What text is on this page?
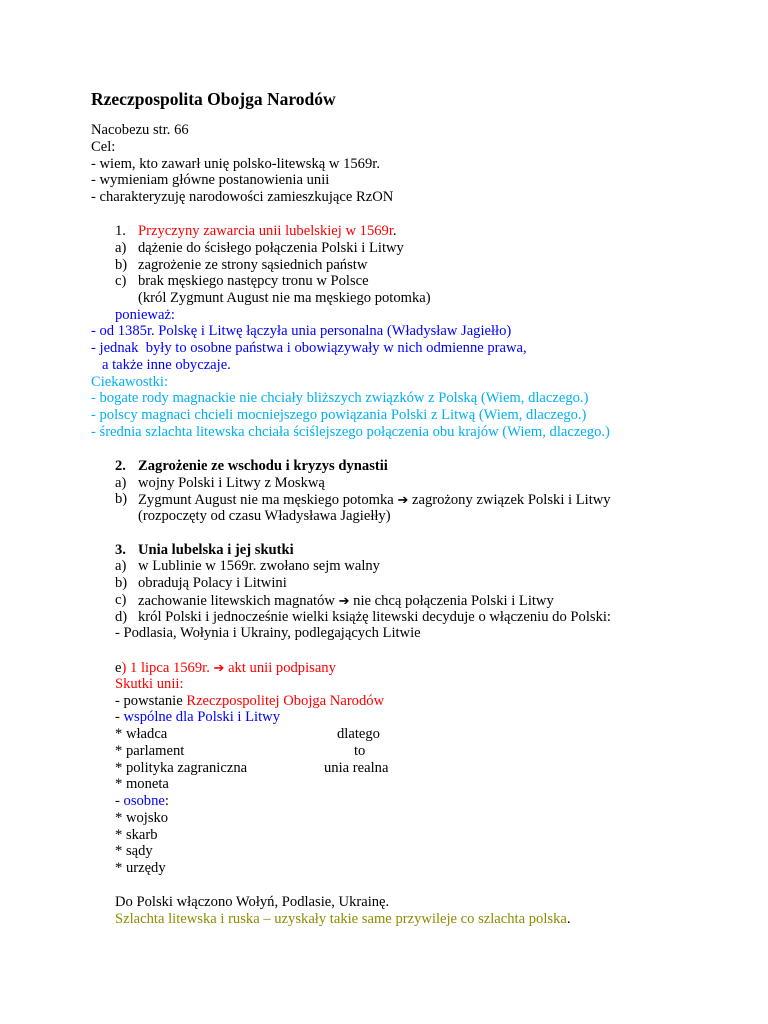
Rzeczpospolita Obojga Narodów
Nacobezu str. 66
Cel:
- wiem, kto zawarł unię polsko-litewską w 1569r.
- wymieniam główne postanowienia unii
- charakteryzuję narodowości zamieszkujące RzON
1. Przyczyny zawarcia unii lubelskiej w 1569r.
a) dążenie do ścisłego połączenia Polski i Litwy
b) zagrożenie ze strony sąsiednich państw
c) brak męskiego następcy tronu w Polsce
(król Zygmunt August nie ma męskiego potomka)
ponieważ:
- od 1385r. Polskę i Litwę łączyła unia personalna (Władysław Jagiełło)
- jednak  były to osobne państwa i obowiązywały w nich odmienne prawa,
a także inne obyczaje.
Ciekawostki:
- bogate rody magnackie nie chciały bliższych związków z Polską (Wiem, dlaczego.)
- polscy magnaci chcieli mocniejszego powiązania Polski z Litwą (Wiem, dlaczego.)
- średnia szlachta litewska chciała ściślejszego połączenia obu krajów (Wiem, dlaczego.)
2. Zagrożenie ze wschodu i kryzys dynastii
a) wojny Polski i Litwy z Moskwą
b) Zygmunt August nie ma męskiego potomka ➔ zagrożony związek Polski i Litwy
(rozpoczęty od czasu Władysława Jagiełły)
3. Unia lubelska i jej skutki
a) w Lublinie w 1569r. zwołano sejm walny
b) obradują Polacy i Litwini
c) zachowanie litewskich magnatów ➔ nie chcą połączenia Polski i Litwy
d) król Polski i jednocześnie wielki książę litewski decyduje o włączeniu do Polski:
- Podlasia, Wołynia i Ukrainy, podlegających Litwie
e) 1 lipca 1569r. ➔ akt unii podpisany
Skutki unii:
- powstanie Rzeczpospolitej Obojga Narodów
- wspólne dla Polski i Litwy
* władca
* parlament
* polityka zagraniczna
* moneta
dlatego
to
unia realna
- osobne:
* wojsko
* skarb
* sądy
* urzędy
Do Polski włączono Wołyń, Podlasie, Ukrainę.
Szlachta litewska i ruska – uzyskały takie same przywileje co szlachta polska.
